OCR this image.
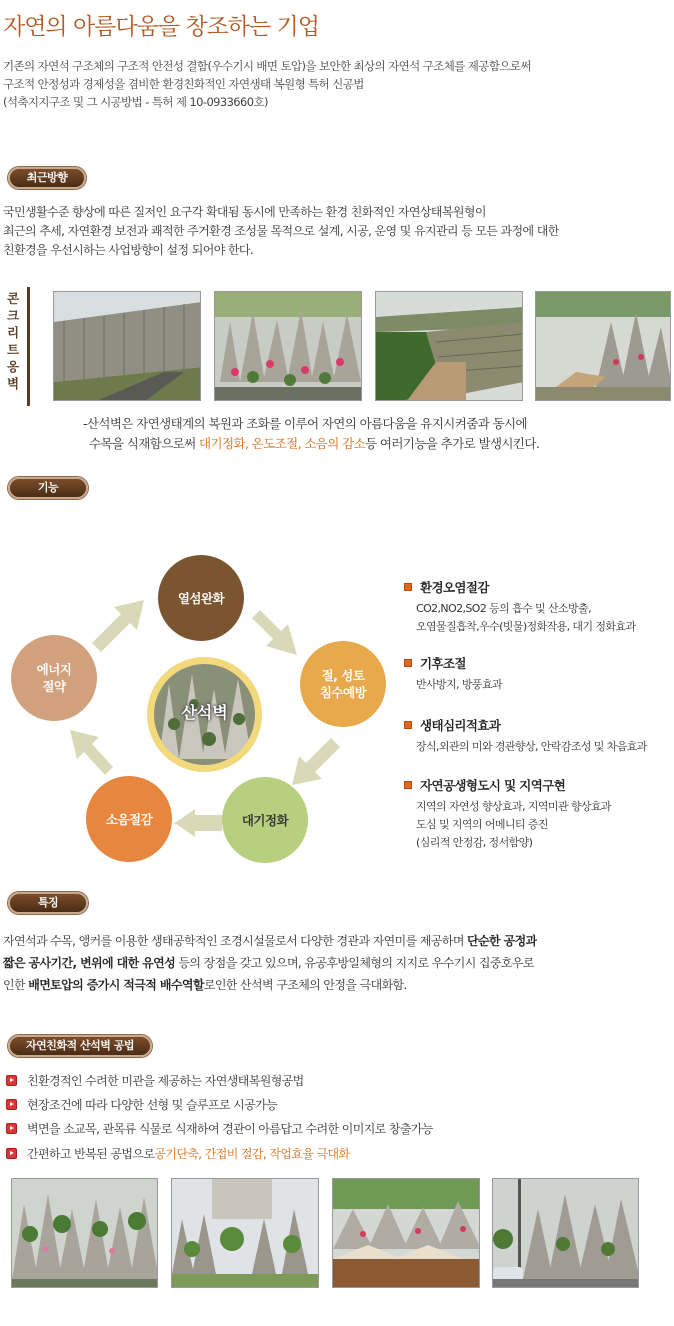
자연의 아름다움을 창조하는 기업
기존의 자연석 구조체의 구조적 안전성 결함(우수기시 배면 토압)을 보안한 최상의 자연석 구조체를 제공함으로써
구조적 안정성과 경제성을 겸비한 환경친화적인 자연생태 복원형 특허 신공법
(석축지지구조 및 그 시공방법 - 특허 제 10-0933660호)
최근방향
국민생활수준 향상에 따른 질저인 요구각 확대됨 동시에 만족하는 환경 친화적인 자연상태복원형이
최근의 추세, 자연환경 보전과 쾌적한 주거환경 조성물 목적으로 설계, 시공, 운영 및 유지관리 등 모든 과정에 대한
친환경을 우선시하는 사업방향이 설정 되어야 한다.
콘크리트옹벽
-산석벽은 자연생태계의 복원과 조화를 이루어 자연의 아름다움을 유지시켜줌과 동시에
수목을 식재함으로써 대기정화, 온도조절, 소음의 감소등 여러기능을 추가로 발생시킨다.
기능
열섬완화
절, 성토
침수예방
대기정화
소음절감
에너지
절약
산석벽
환경오염절감
CO2,NO2,SO2 등의 흡수 및 산소방출,
오염물질흡착,우수(빗물)정화작용, 대기 정화효과
기후조절
반사방지, 방풍효과
생태심리적효과
장식,외관의 미와 경관향상, 안락감조성 및 차음효과
자연공생형도시 및 지역구현
지역의 자연성 향상효과, 지역미관 향상효과
도심 및 지역의 어메니티 증진
(심리적 안정감, 정서함양)
특징
자연석과 수목, 앵커를 이용한 생태공학적인 조경시설물로서 다양한 경관과 자연미를 제공하며 단순한 공정과
짧은 공사기간, 변위에 대한 유연성 등의 장점을 갖고 있으며, 유공후방일체형의 지지로 우수기시 집중호우로
인한 배면토압의 증가시 적극적 배수역할로인한 산석벽 구조체의 안정을 극대화함.
자연친화적 산석벽 공법
친환경적인 수려한 미관을 제공하는 자연생태복원형공법
현장조건에 따라 다양한 선형 및 슬루프로 시공가능
벽면을 소교목, 관목류 식물로 식재하여 경관이 아름답고 수려한 이미지로 창출가능
간편하고 반복된 공법으로 공기단축, 간접비 절감, 작업효율 극대화
